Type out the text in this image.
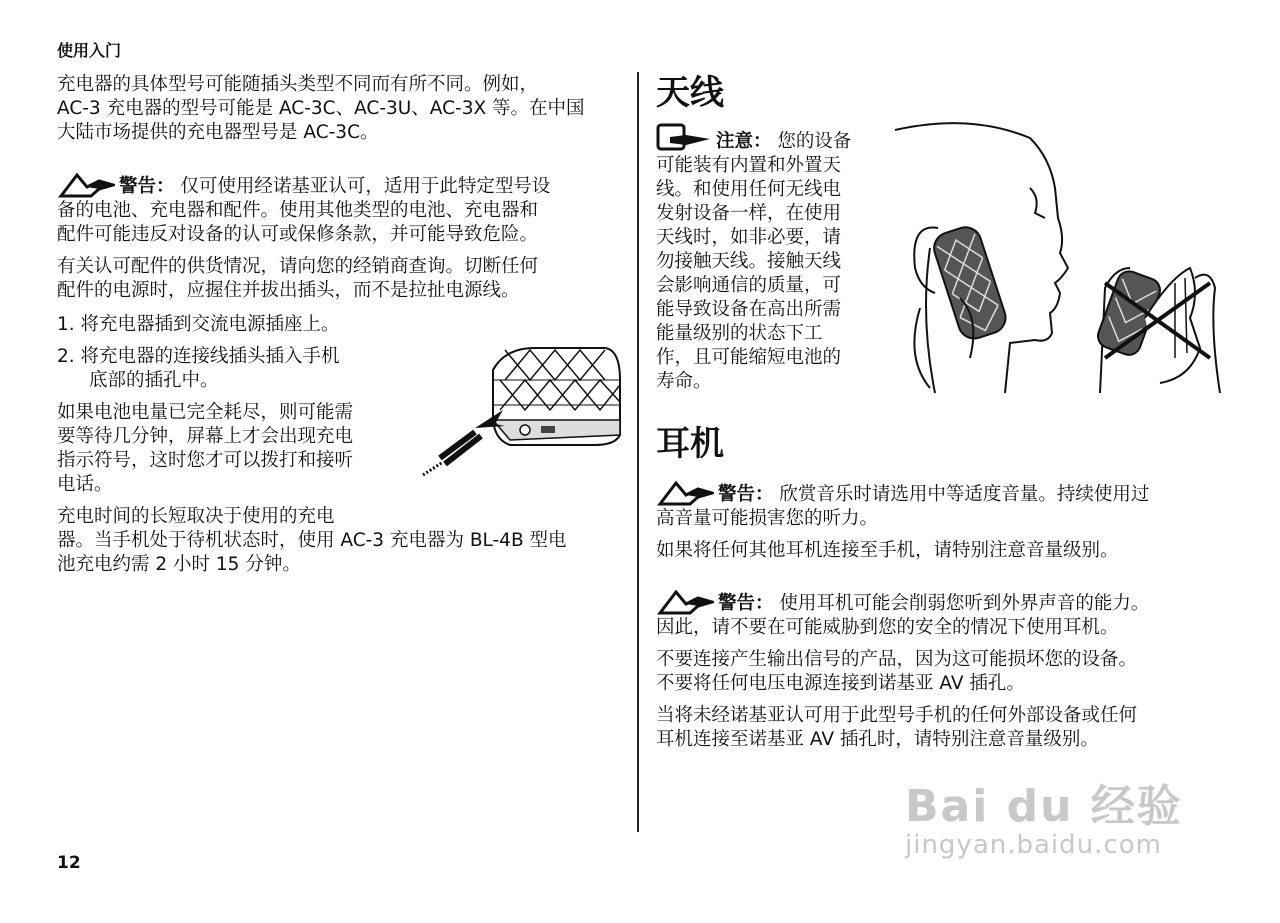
使用入门

充电器的具体型号可能随插头类型不同而有所不同。例如，
AC-3 充电器的型号可能是 AC-3C、AC-3U、AC-3X 等。在中国
大陆市场提供的充电器型号是 AC-3C。

警告： 仅可使用经诺基亚认可，适用于此特定型号设
备的电池、充电器和配件。使用其他类型的电池、充电器和
配件可能违反对设备的认可或保修条款，并可能导致危险。

有关认可配件的供货情况，请向您的经销商查询。切断任何
配件的电源时，应握住并拔出插头，而不是拉扯电源线。

1. 将充电器插到交流电源插座上。

2. 将充电器的连接线插头插入手机
底部的插孔中。

如果电池电量已完全耗尽，则可能需
要等待几分钟，屏幕上才会出现充电
指示符号，这时您才可以拨打和接听
电话。

充电时间的长短取决于使用的充电
器。当手机处于待机状态时，使用 AC-3 充电器为 BL-4B 型电
池充电约需 2 小时 15 分钟。

天线

注意： 您的设备
可能装有内置和外置天
线。和使用任何无线电
发射设备一样，在使用
天线时，如非必要，请
勿接触天线。接触天线
会影响通信的质量，可
能导致设备在高出所需
能量级别的状态下工
作，且可能缩短电池的
寿命。

耳机

警告： 欣赏音乐时请选用中等适度音量。持续使用过
高音量可能损害您的听力。

如果将任何其他耳机连接至手机，请特别注意音量级别。

警告： 使用耳机可能会削弱您听到外界声音的能力。
因此，请不要在可能威胁到您的安全的情况下使用耳机。

不要连接产生输出信号的产品，因为这可能损坏您的设备。
不要将任何电压电源连接到诺基亚 AV 插孔。

当将未经诺基亚认可用于此型号手机的任何外部设备或任何
耳机连接至诺基亚 AV 插孔时，请特别注意音量级别。

12
Bai du 经验
jingyan.baidu.com
